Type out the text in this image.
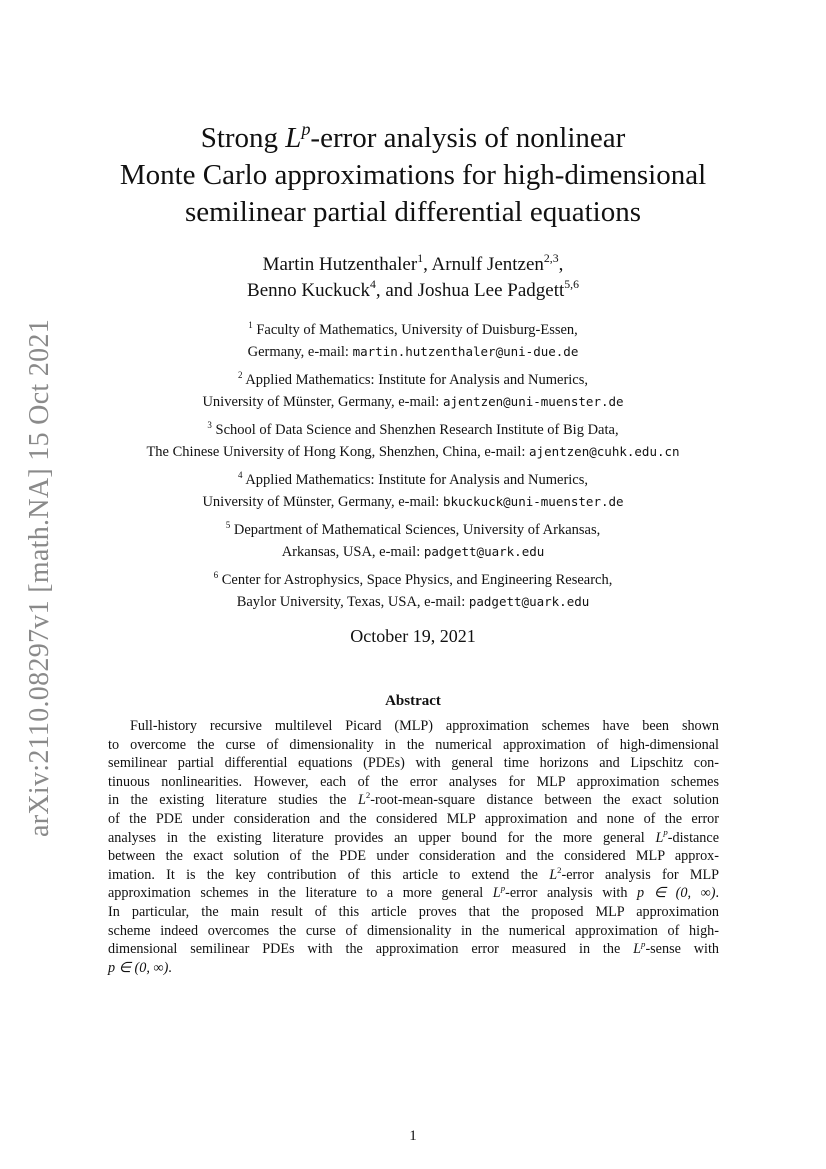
arXiv:2110.08297v1 [math.NA] 15 Oct 2021
Strong $L^p$-error analysis of nonlinear
Monte Carlo approximations for high-dimensional
semilinear partial differential equations
Martin Hutzenthaler$^1$, Arnulf Jentzen$^{2,3}$,
Benno Kuckuck$^4$, and Joshua Lee Padgett$^{5,6}$
$^1$ Faculty of Mathematics, University of Duisburg-Essen,
Germany, e-mail: martin.hutzenthaler@uni-due.de
$^2$ Applied Mathematics: Institute for Analysis and Numerics,
University of Münster, Germany, e-mail: ajentzen@uni-muenster.de
$^3$ School of Data Science and Shenzhen Research Institute of Big Data,
The Chinese University of Hong Kong, Shenzhen, China, e-mail: ajentzen@cuhk.edu.cn
$^4$ Applied Mathematics: Institute for Analysis and Numerics,
University of Münster, Germany, e-mail: bkuckuck@uni-muenster.de
$^5$ Department of Mathematical Sciences, University of Arkansas,
Arkansas, USA, e-mail: padgett@uark.edu
$^6$ Center for Astrophysics, Space Physics, and Engineering Research,
Baylor University, Texas, USA, e-mail: padgett@uark.edu
October 19, 2021
Abstract
Full-history recursive multilevel Picard (MLP) approximation schemes have been shown
to overcome the curse of dimensionality in the numerical approximation of high-dimensional
semilinear partial differential equations (PDEs) with general time horizons and Lipschitz con-
tinuous nonlinearities. However, each of the error analyses for MLP approximation schemes
in the existing literature studies the $L^2-root-mean$-square distance between the exact solution
of the PDE under consideration and the considered MLP approximation and none of the error
analyses in the existing literature provides an upper bound for the more general $L^p$-distance
between the exact solution of the PDE under consideration and the considered MLP approx-
imation. It is the key contribution of this article to extend the $L^2$-error analysis for MLP
approximation schemes in the literature to a more general $L^p$-error analysis with p ∈ (0, ∞).
In particular, the main result of this article proves that the proposed MLP approximation
scheme indeed overcomes the curse of dimensionality in the numerical approximation of high-
dimensional semilinear PDEs with the approximation error measured in the $L^p$-sense with
p ∈ (0, ∞).
1
